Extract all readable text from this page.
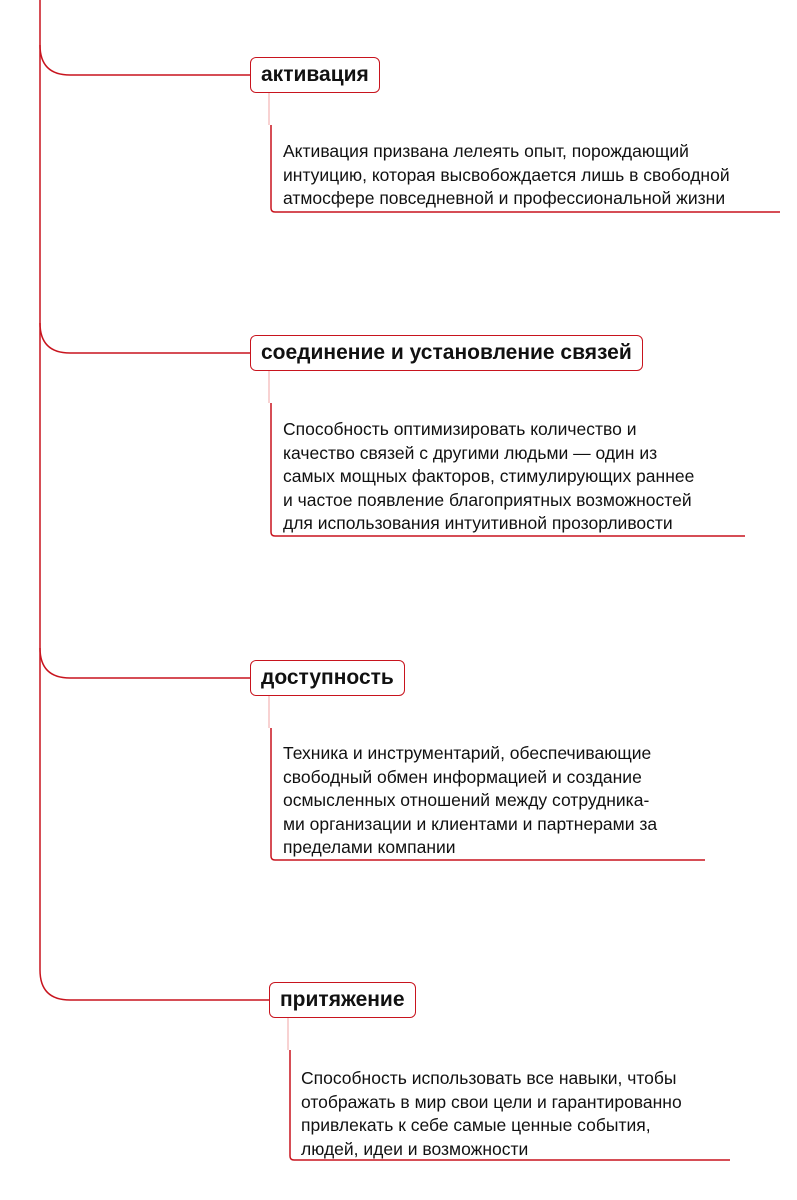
активация
Активация призвана лелеять опыт, порождающий
интуицию, которая высвобождается лишь в свободной
атмосфере повседневной и профессиональной жизни
соединение и установление связей
Способность оптимизировать количество и
качество связей с другими людьми — один из
самых мощных факторов, стимулирующих раннее
и частое появление благоприятных возможностей
для использования интуитивной прозорливости
доступность
Техника и инструментарий, обеспечивающие
свободный обмен информацией и создание
осмысленных отношений между сотрудника-
ми организации и клиентами и партнерами за
пределами компании
притяжение
Способность использовать все навыки, чтобы
отображать в мир свои цели и гарантированно
привлекать к себе самые ценные события,
людей, идеи и возможности
